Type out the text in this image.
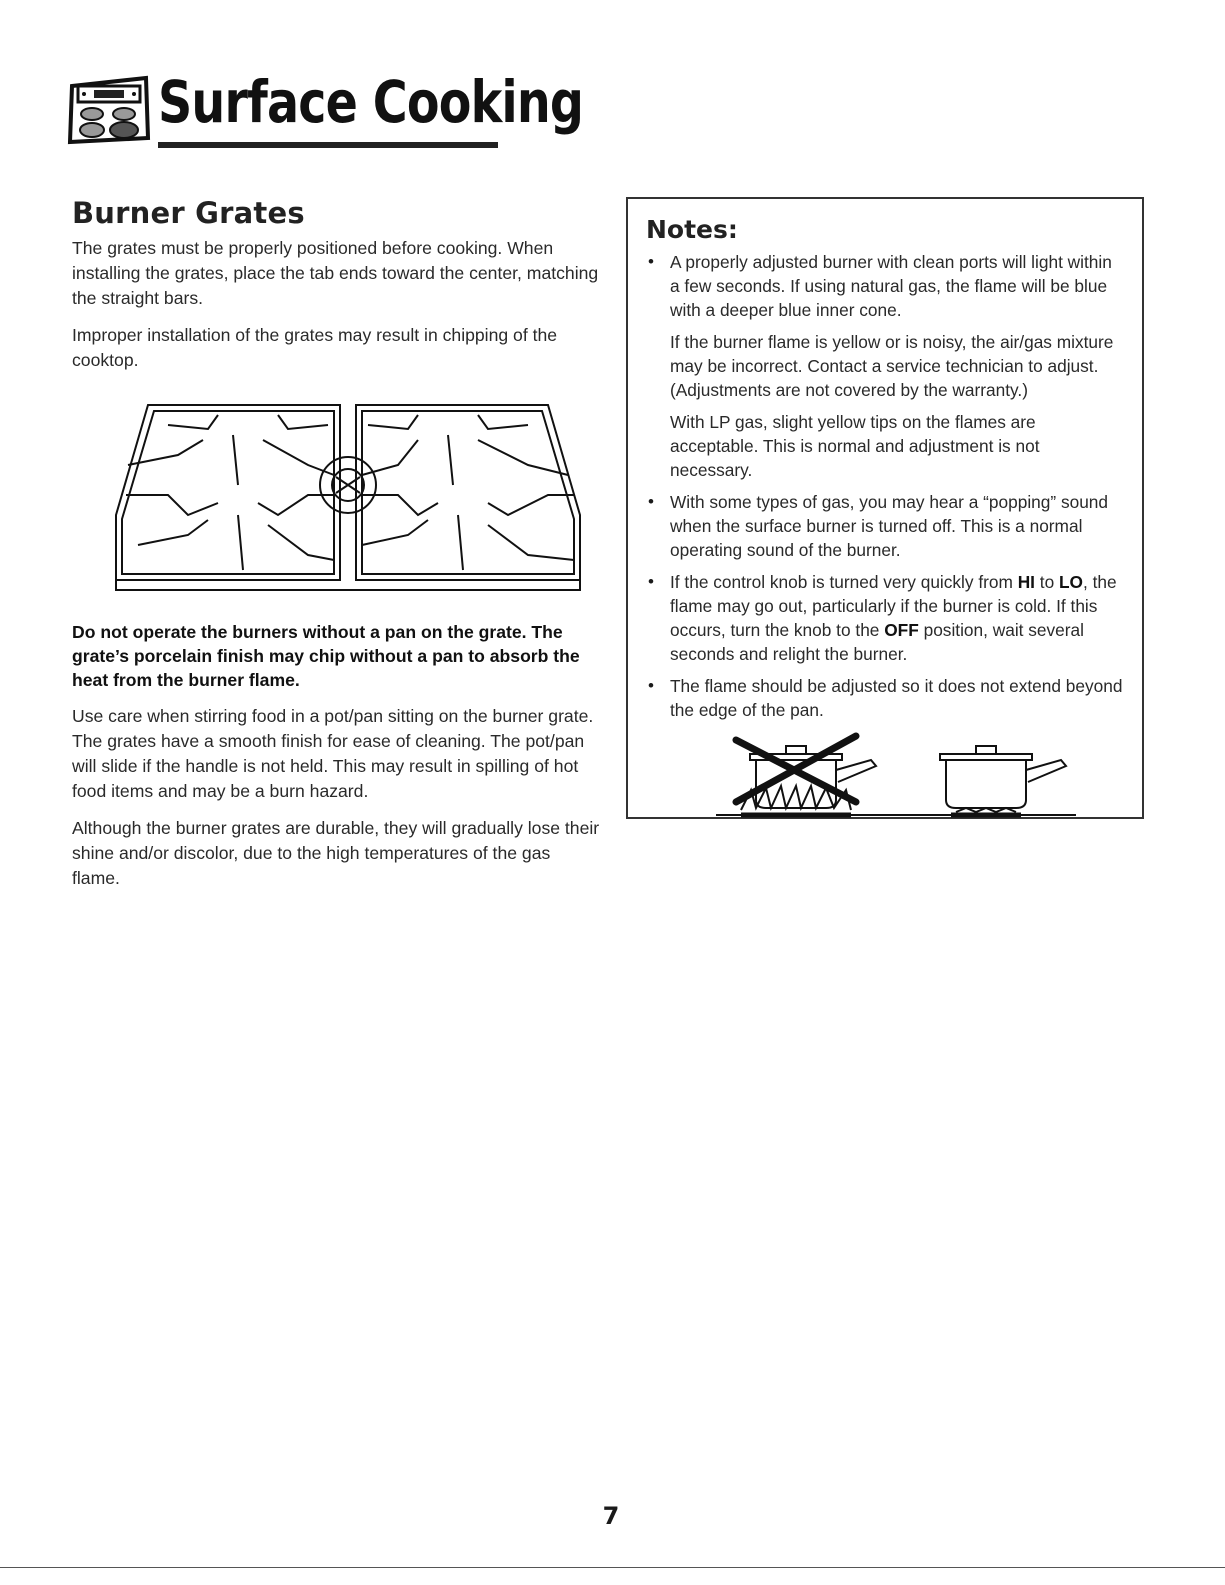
Surface Cooking
Burner Grates

The grates must be properly positioned before cooking. When installing the grates, place the tab ends toward the center, matching the straight bars.

Improper installation of the grates may result in chipping of the cooktop.

Do not operate the burners without a pan on the grate. The grate’s porcelain finish may chip without a pan to absorb the heat from the burner flame.

Use care when stirring food in a pot/pan sitting on the burner grate. The grates have a smooth finish for ease of cleaning. The pot/pan will slide if the handle is not held. This may result in spilling of hot food items and may be a burn hazard.

Although the burner grates are durable, they will gradually lose their shine and/or discolor, due to the high temperatures of the gas flame.

Notes:
• A properly adjusted burner with clean ports will light within a few seconds. If using natural gas, the flame will be blue with a deeper blue inner cone.

If the burner flame is yellow or is noisy, the air/gas mixture may be incorrect. Contact a service technician to adjust. (Adjustments are not covered by the warranty.)

With LP gas, slight yellow tips on the flames are acceptable. This is normal and adjustment is not necessary.

• With some types of gas, you may hear a “popping” sound when the surface burner is turned off. This is a normal operating sound of the burner.

• If the control knob is turned very quickly from HI to LO, the flame may go out, particularly if the burner is cold. If this occurs, turn the knob to the OFF position, wait several seconds and relight the burner.

• The flame should be adjusted so it does not extend beyond the edge of the pan.

7
